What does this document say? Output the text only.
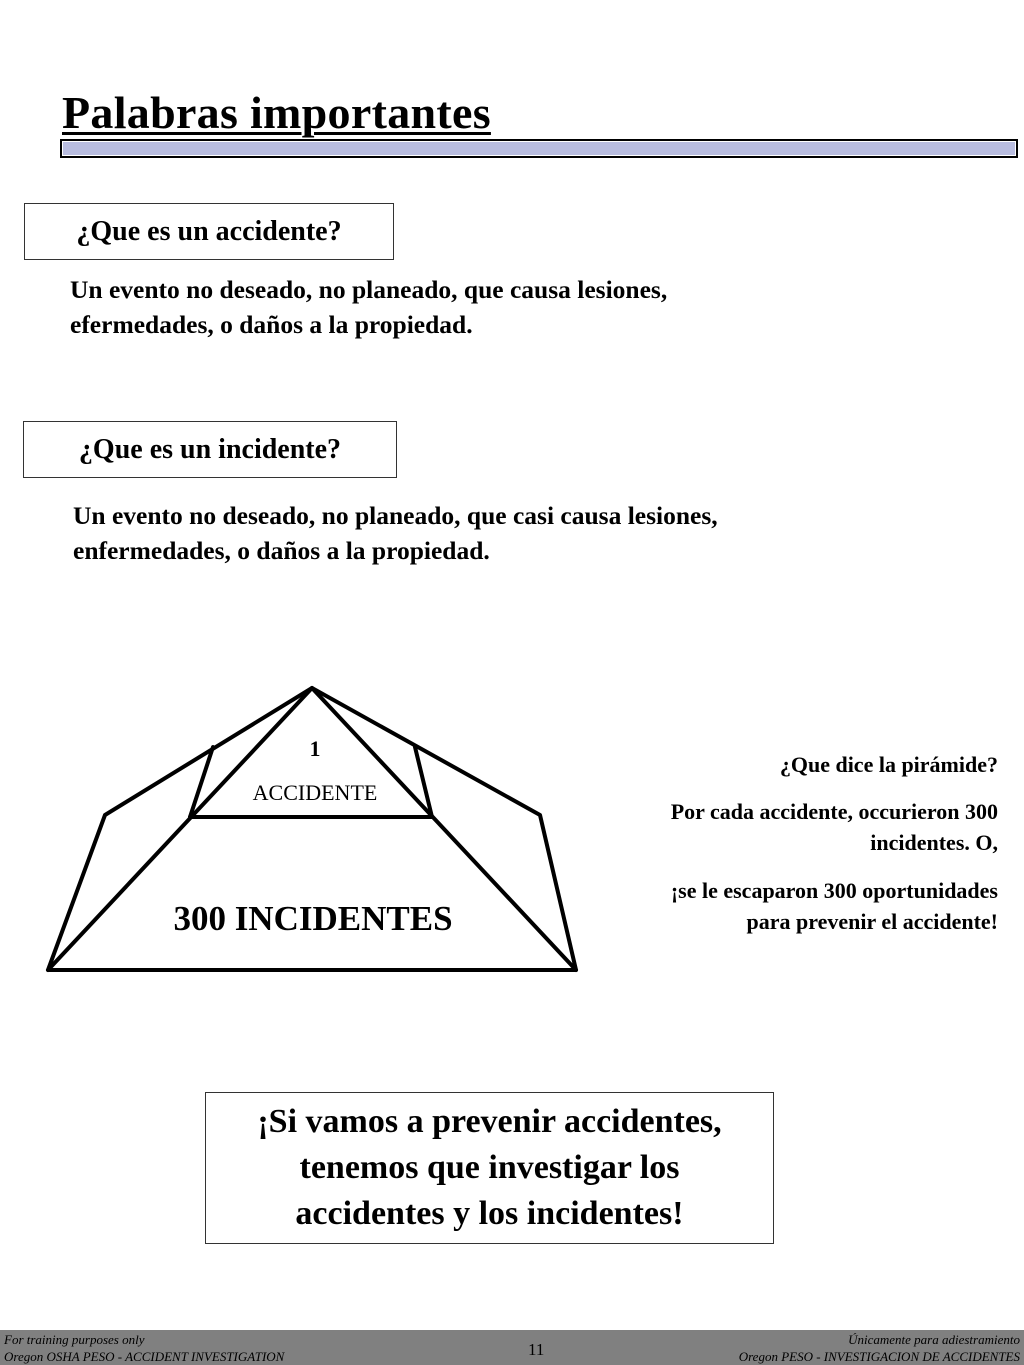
Palabras importantes
¿Que es un accidente?
Un evento no deseado, no planeado, que causa lesiones,
efermedades, o daños a la propiedad.
¿Que es un incidente?
Un evento no deseado, no planeado, que casi causa lesiones,
enfermedades, o daños a la propiedad.
1
ACCIDENTE
300 INCIDENTES
¿Que dice la pirámide?
Por cada accidente, occurieron 300
incidentes. O,
¡se le escaparon 300 oportunidades
para prevenir el accidente!
¡Si vamos a prevenir accidentes,
tenemos que investigar los
accidentes y los incidentes!
For training purposes only
Oregon OSHA PESO - ACCIDENT INVESTIGATION	11
Únicamente para adiestramiento
Oregon PESO - INVESTIGACION DE ACCIDENTES
